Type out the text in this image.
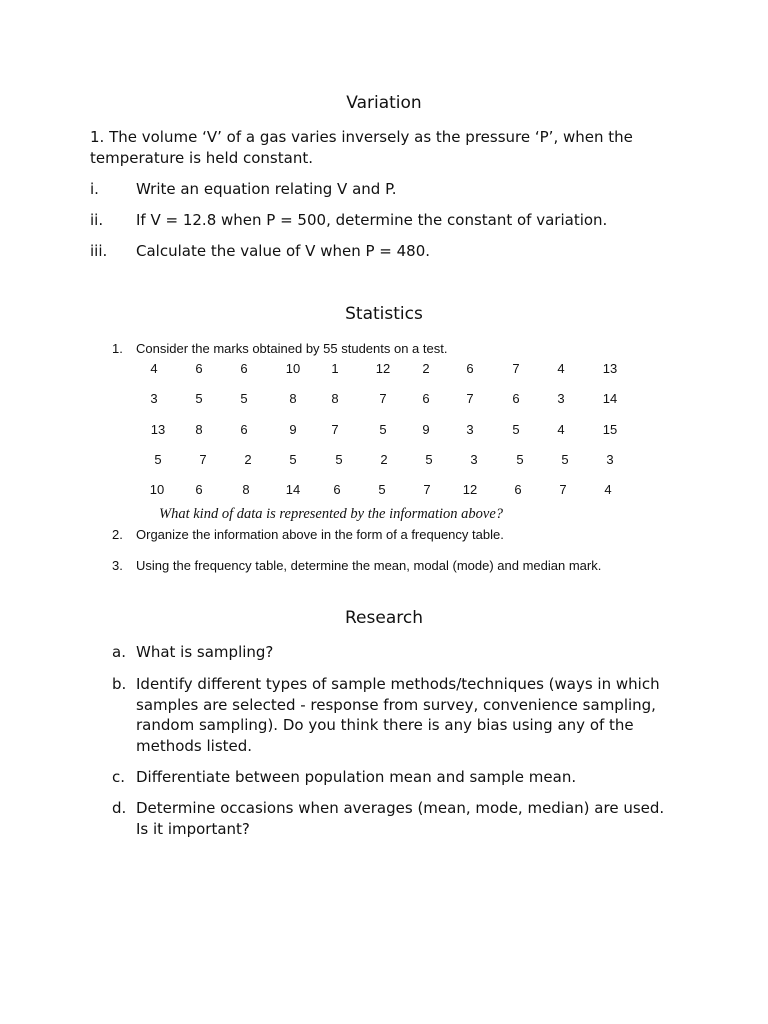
Variation
1. The volume ‘V’ of a gas varies inversely as the pressure ‘P’, when the
temperature is held constant.
i. Write an equation relating V and P.
ii. If V = 12.8 when P = 500, determine the constant of variation.
iii. Calculate the value of V when P = 480.
Statistics
1. Consider the marks obtained by 55 students on a test.
4	6	6	10	1	12	2	6	7	4	13
3	5	5	8	8	7	6	7	6	3	14
13	8	6	9	7	5	9	3	5	4	15
5	7	2	5	5	2	5	3	5	5	3
10	6	8	14	6	5	7	12	6	7	4
What kind of data is represented by the information above?
2. Organize the information above in the form of a frequency table.
3. Using the frequency table, determine the mean, modal (mode) and median mark.
Research
a. What is sampling?
b. Identify different types of sample methods/techniques (ways in which
samples are selected - response from survey, convenience sampling,
random sampling). Do you think there is any bias using any of the
methods listed.
c. Differentiate between population mean and sample mean.
d. Determine occasions when averages (mean, mode, median) are used.
Is it important?
